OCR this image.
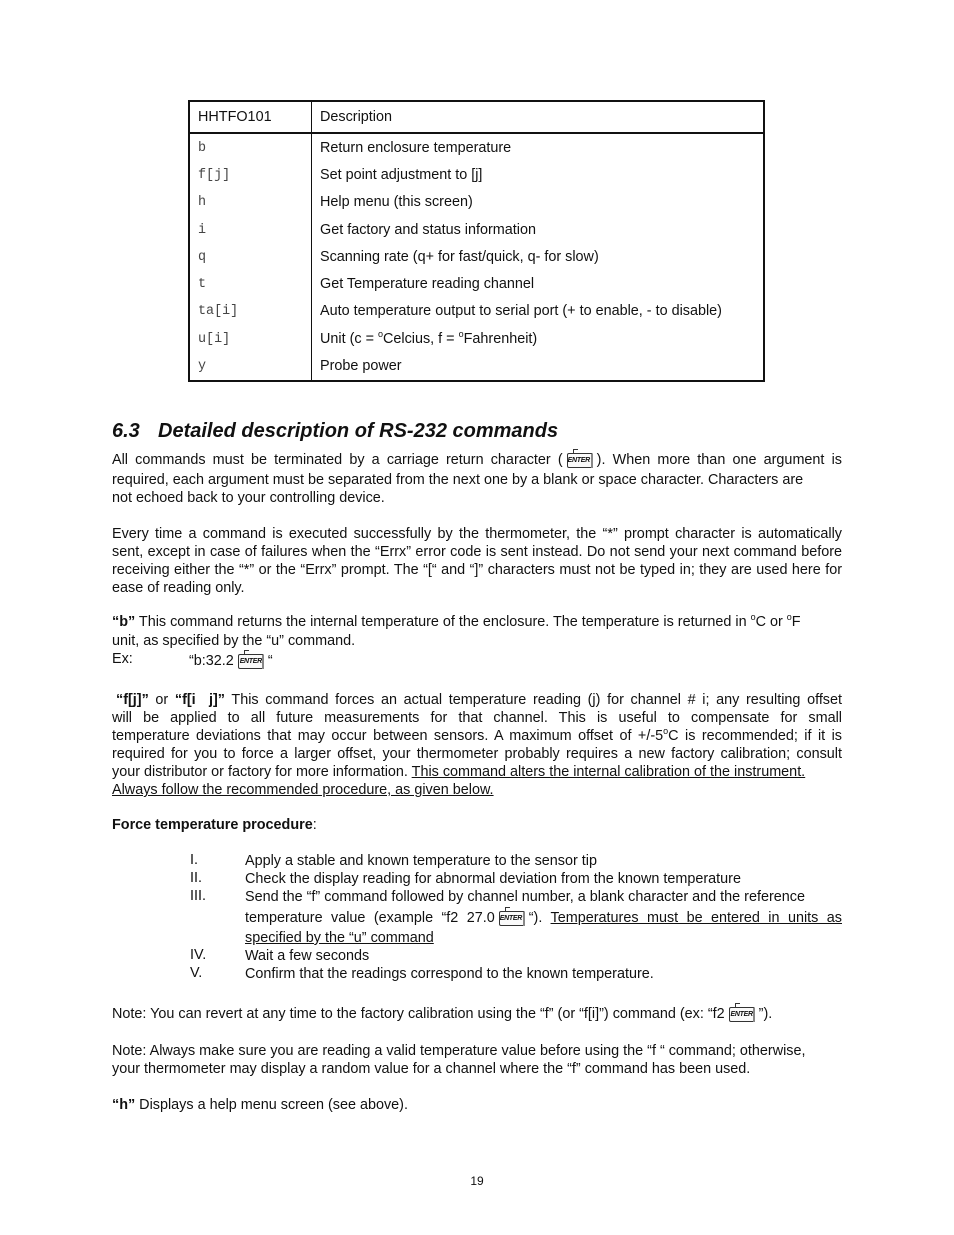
HHTFO101	Description
b	Return enclosure temperature
f[j]	Set point adjustment to [j]
h	Help menu (this screen)
i	Get factory and status information
q	Scanning rate (q+ for fast/quick, q- for slow)
t	Get Temperature reading channel
ta[i]	Auto temperature output to serial port (+ to enable, - to disable)
u[i]	Unit (c = $^o$Celcius, f = $^o$Fahrenheit)
y	Probe power
6.3 Detailed description of RS-232 commands
All commands must be terminated by a carriage return character ( ENTER ). When more than one argument is
required, each argument must be separated from the next one by a blank or space character. Characters are
not echoed back to your controlling device.
Every time a command is executed successfully by the thermometer, the “*” prompt character is automatically sent, except in case of failures when the “Errx” error code is sent instead. Do not send your next command before receiving either the “*” or the “Errx” prompt. The “[“ and “]” characters must not be typed in; they are used here for ease of reading only.
“b” This command returns the internal temperature of the enclosure. The temperature is returned in $^o$C or $^o$F
unit, as specified by the “u” command.
Ex:	“b:32.2 ENTER “
“f[j]” or “f[i  j]” This command forces an actual temperature reading (j) for channel # i; any resulting offset
will be applied to all future measurements for that channel. This is useful to compensate for small
temperature deviations that may occur between sensors. A maximum offset of $+/-5^oC$ is recommended; if it is
required for you to force a larger offset, your thermometer probably requires a new factory calibration; consult
your distributor or factory for more information. This command alters the internal calibration of the instrument.
Always follow the recommended procedure, as given below.
Force temperature procedure:
I.	Apply a stable and known temperature to the sensor tip
II.	Check the display reading for abnormal deviation from the known temperature
III.	Send the “f” command followed by channel number, a blank character and the reference
temperature value (example “f2 27.0 ENTER “). Temperatures must be entered in units as
specified by the “u” command
IV.	Wait a few seconds
V.	Confirm that the readings correspond to the known temperature.
Note: You can revert at any time to the factory calibration using the “f” (or “f[i]”) command (ex: “f2 ENTER ”).
Note: Always make sure you are reading a valid temperature value before using the “f “ command; otherwise,
your thermometer may display a random value for a channel where the “f” command has been used.
“h” Displays a help menu screen (see above).
19
